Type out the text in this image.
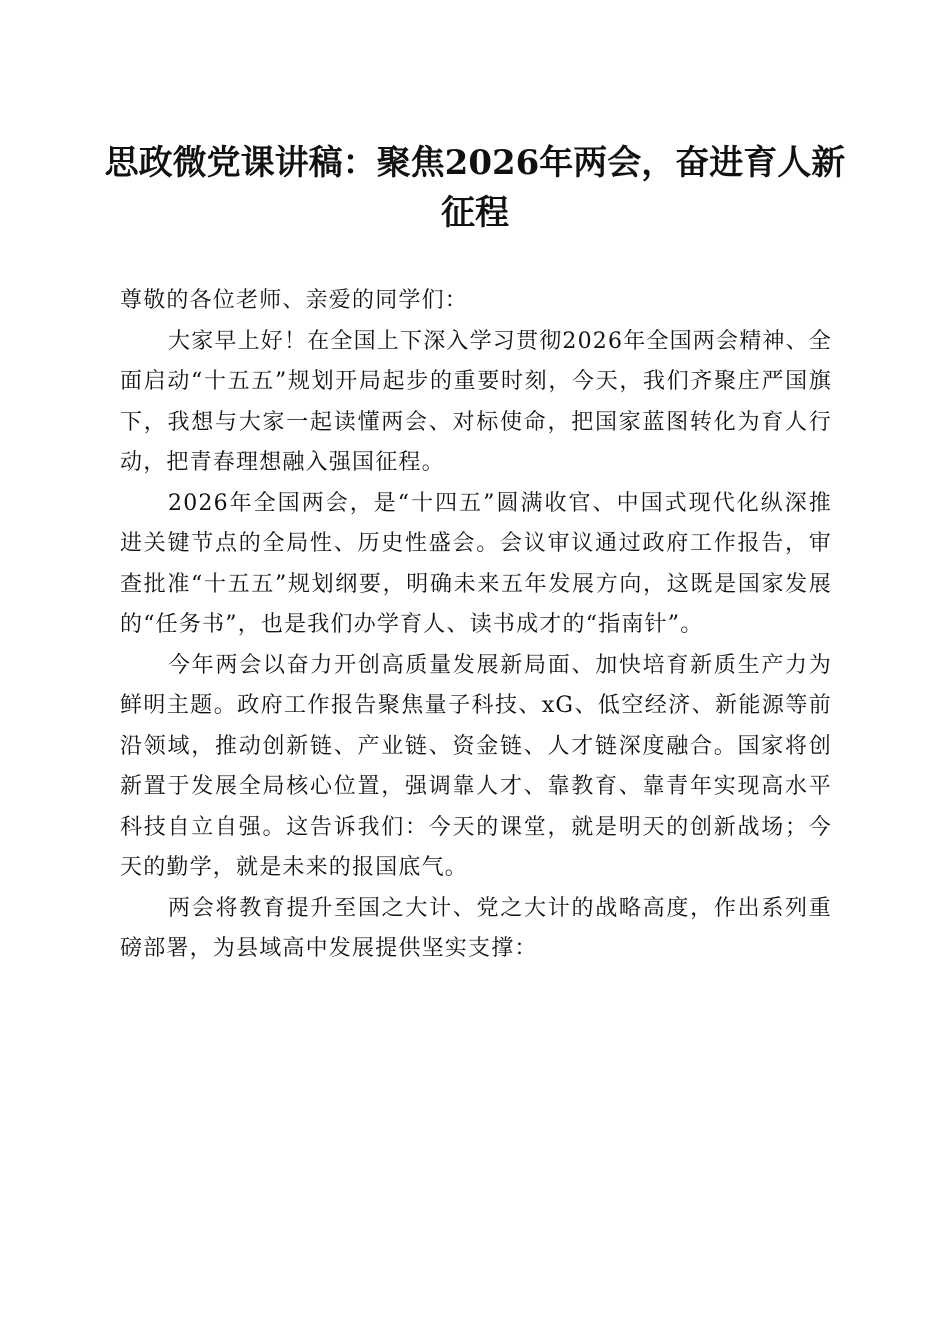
思政微党课讲稿：聚焦2026年两会，奋进育人新征程

尊敬的各位老师、亲爱的同学们：

大家早上好！在全国上下深入学习贯彻2026年全国两会精神、全面启动“十五五”规划开局起步的重要时刻，今天，我们齐聚庄严国旗下，我想与大家一起读懂两会、对标使命，把国家蓝图转化为育人行动，把青春理想融入强国征程。

2026年全国两会，是“十四五”圆满收官、中国式现代化纵深推进关键节点的全局性、历史性盛会。会议审议通过政府工作报告，审查批准“十五五”规划纲要，明确未来五年发展方向，这既是国家发展的“任务书”，也是我们办学育人、读书成才的“指南针”。

今年两会以奋力开创高质量发展新局面、加快培育新质生产力为鲜明主题。政府工作报告聚焦量子科技、xG、低空经济、新能源等前沿领域，推动创新链、产业链、资金链、人才链深度融合。国家将创新置于发展全局核心位置，强调靠人才、靠教育、靠青年实现高水平科技自立自强。这告诉我们：今天的课堂，就是明天的创新战场；今天的勤学，就是未来的报国底气。

两会将教育提升至国之大计、党之大计的战略高度，作出系列重磅部署，为县域高中发展提供坚实支撑：
